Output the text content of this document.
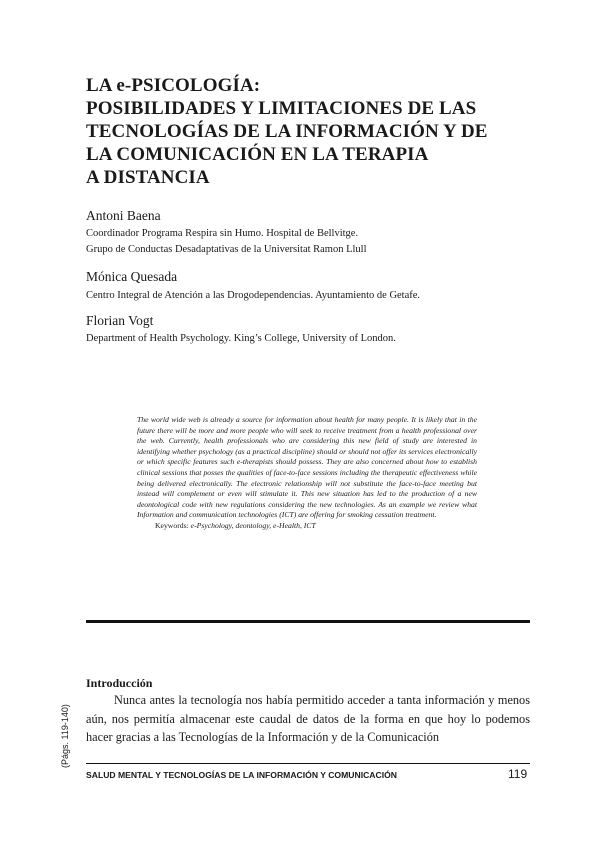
LA e-PSICOLOGÍA:
POSIBILIDADES Y LIMITACIONES DE LAS
TECNOLOGÍAS DE LA INFORMACIÓN Y DE
LA COMUNICACIÓN EN LA TERAPIA
A DISTANCIA
Antoni Baena
Coordinador Programa Respira sin Humo. Hospital de Bellvitge.
Grupo de Conductas Desadaptativas de la Universitat Ramon Llull
Mónica Quesada
Centro Integral de Atención a las Drogodependencias. Ayuntamiento de Getafe.
Florian Vogt
Department of Health Psychology. King’s College, University of London.
The world wide web is already a source for information about health for many people. It is likely that in the future there will be more and more people who will seek to receive treatment from a health professional over the web. Currently, health professionals who are considering this new field of study are interested in identifying whether psychology (as a practical discipline) should or should not offer its services electronically or which specific features such e-therapists should possess. They are also concerned about how to establish clinical sessions that posses the qualities of face-to-face sessions including the therapeutic effectiveness while being delivered electronically. The electronic relationship will not substitute the face-to-face meeting but instead will complement or even will stimulate it. This new situation has led to the production of a new deontological code with new regulations considering the new technologies. As an example we review what Information and communication technologies (ICT) are offering for smoking cessation treatment.
Keywords: e-Psychology, deontology, e-Health, ICT
Introducción
Nunca antes la tecnología nos había permitido acceder a tanta información y menos aún, nos permitía almacenar este caudal de datos de la forma en que hoy lo podemos hacer gracias a las Tecnologías de la Información y de la Comunicación
(Págs. 119-140)
SALUD MENTAL Y TECNOLOGÍAS DE LA INFORMACIÓN Y COMUNICACIÓN	119
